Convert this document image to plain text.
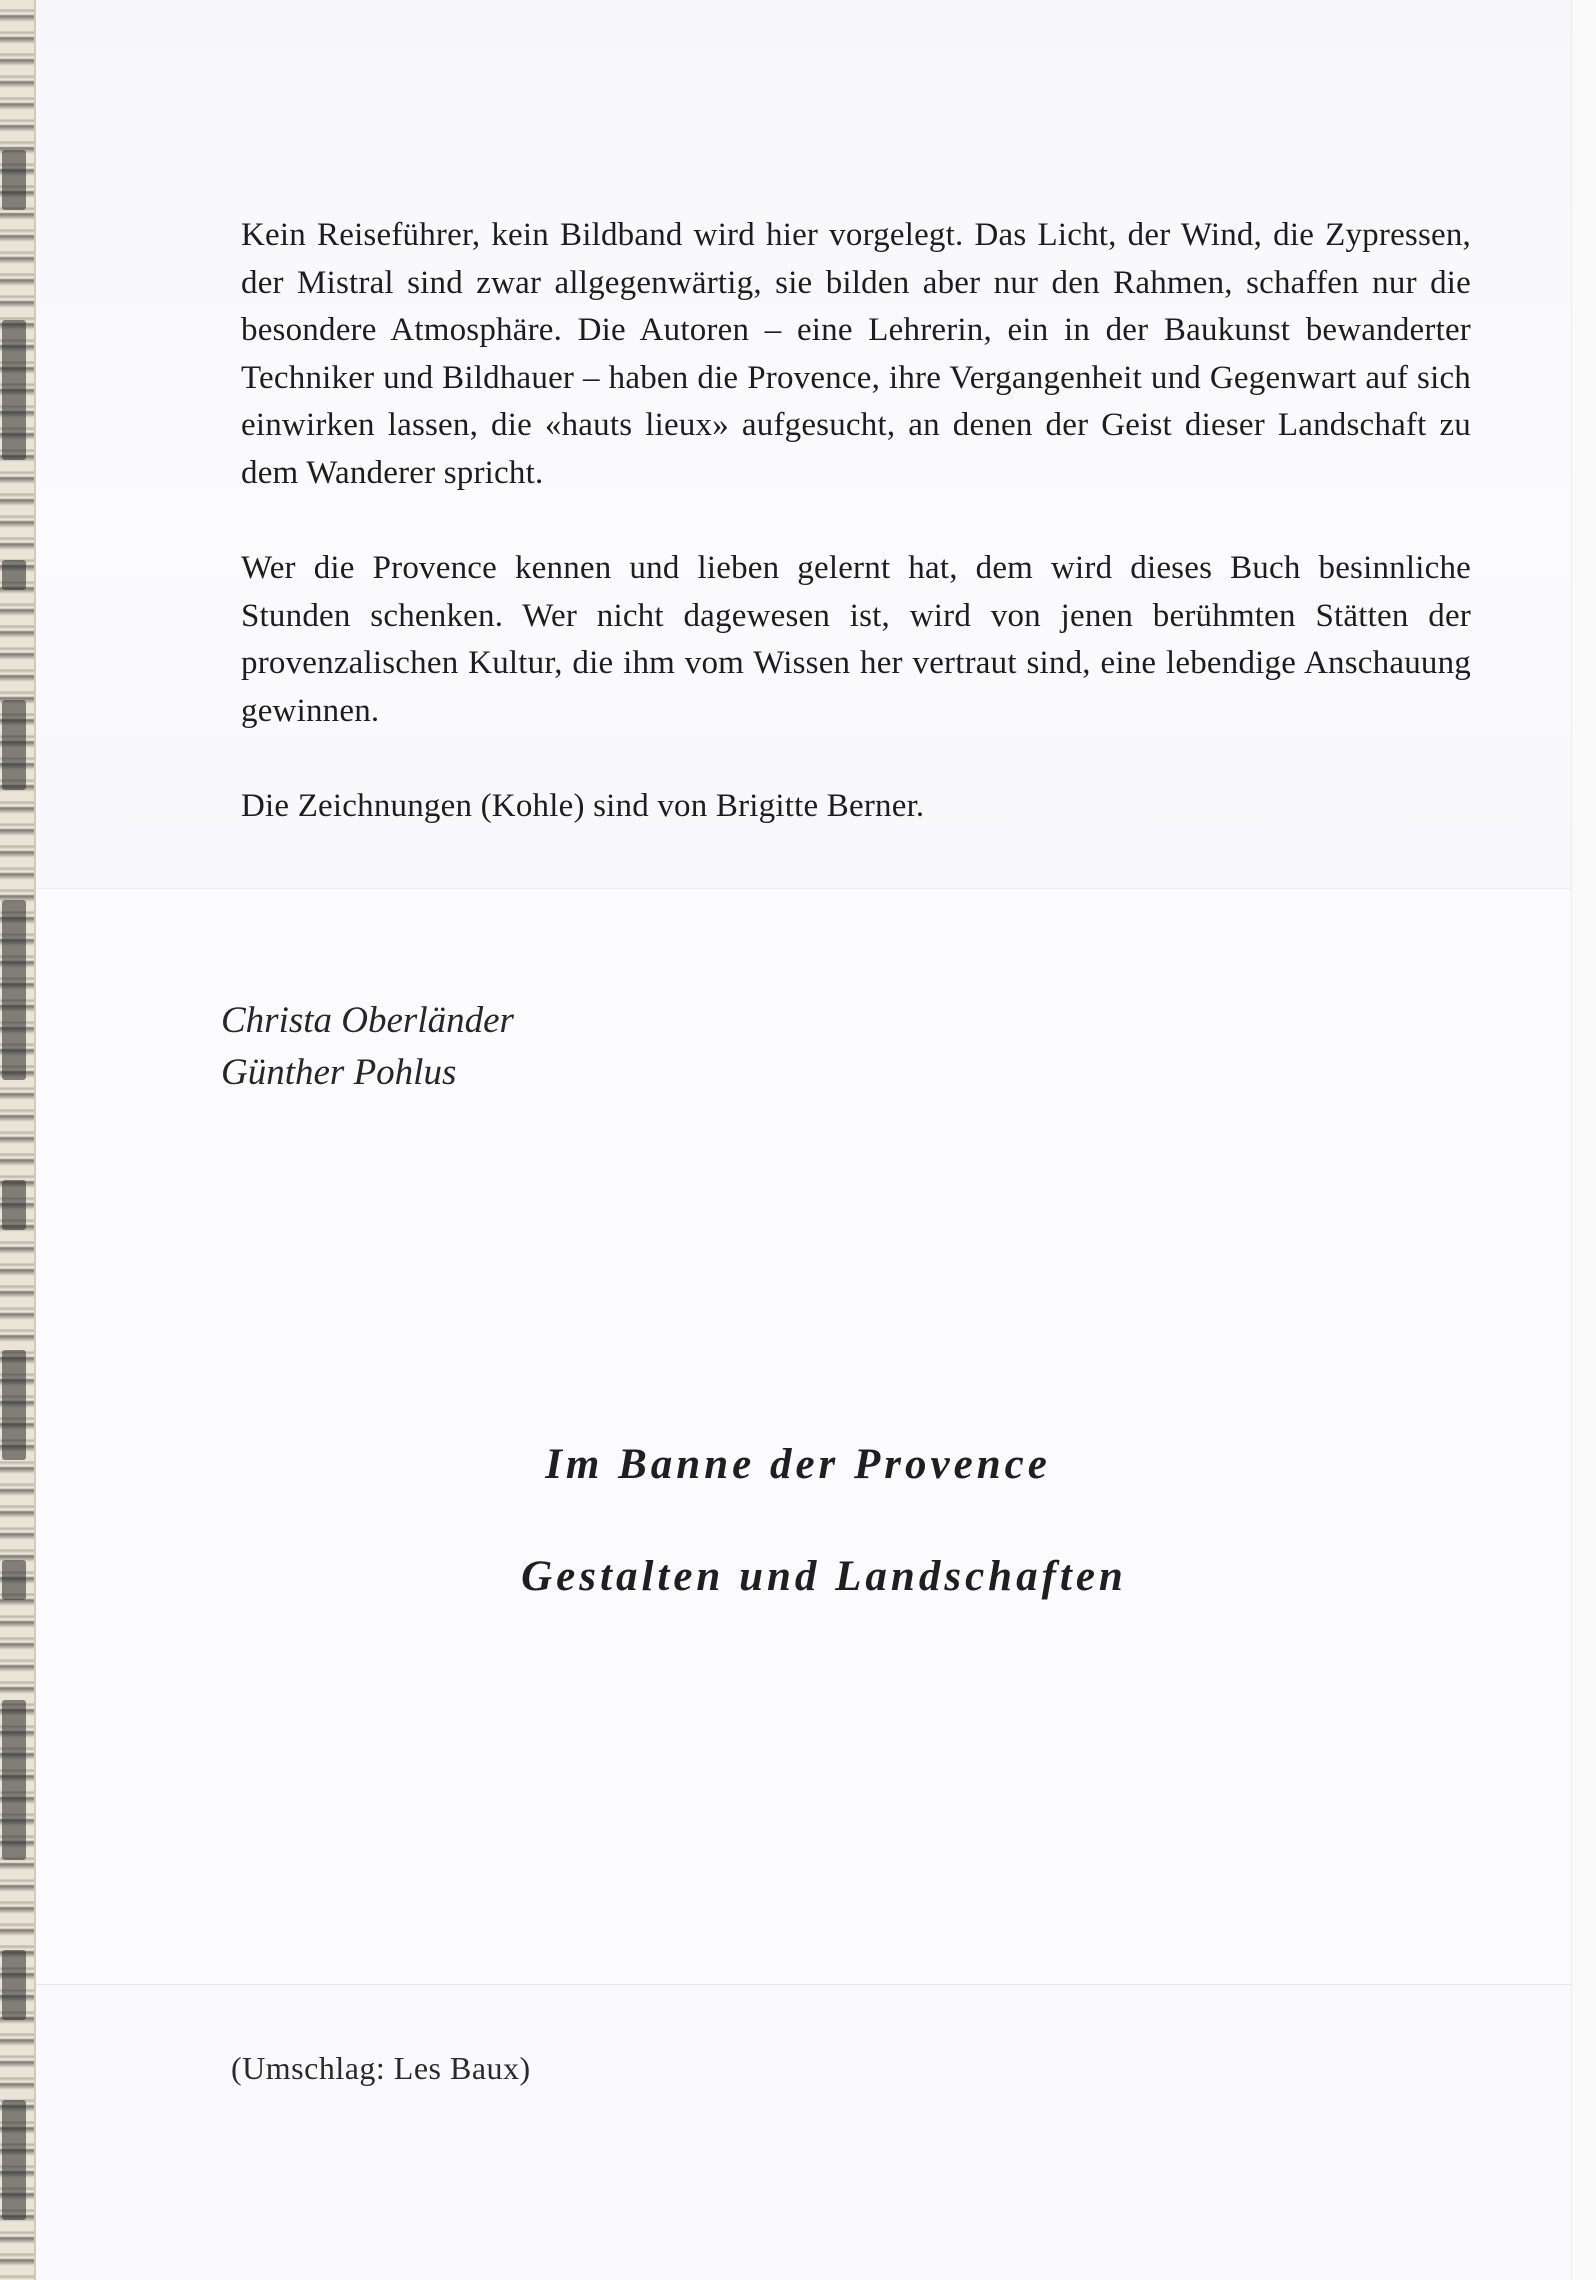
Kein Reiseführer, kein Bildband wird hier vorgelegt. Das Licht, der Wind, die Zypressen, der Mistral sind zwar allgegenwärtig, sie bilden aber nur den Rahmen, schaffen nur die besondere Atmosphäre. Die Autoren – eine Lehrerin, ein in der Baukunst bewanderter Techniker und Bildhauer – haben die Provence, ihre Vergangenheit und Gegenwart auf sich einwirken lassen, die «hauts lieux» aufgesucht, an denen der Geist dieser Landschaft zu dem Wanderer spricht.

Wer die Provence kennen und lieben gelernt hat, dem wird dieses Buch besinnliche Stunden schenken. Wer nicht dagewesen ist, wird von jenen berühmten Stätten der provenzalischen Kultur, die ihm vom Wissen her vertraut sind, eine lebendige Anschauung gewinnen.

Die Zeichnungen (Kohle) sind von Brigitte Berner.

Christa Oberländer
Günther Pohlus
Im Banne der Provence
Gestalten und Landschaften
(Umschlag: Les Baux)
